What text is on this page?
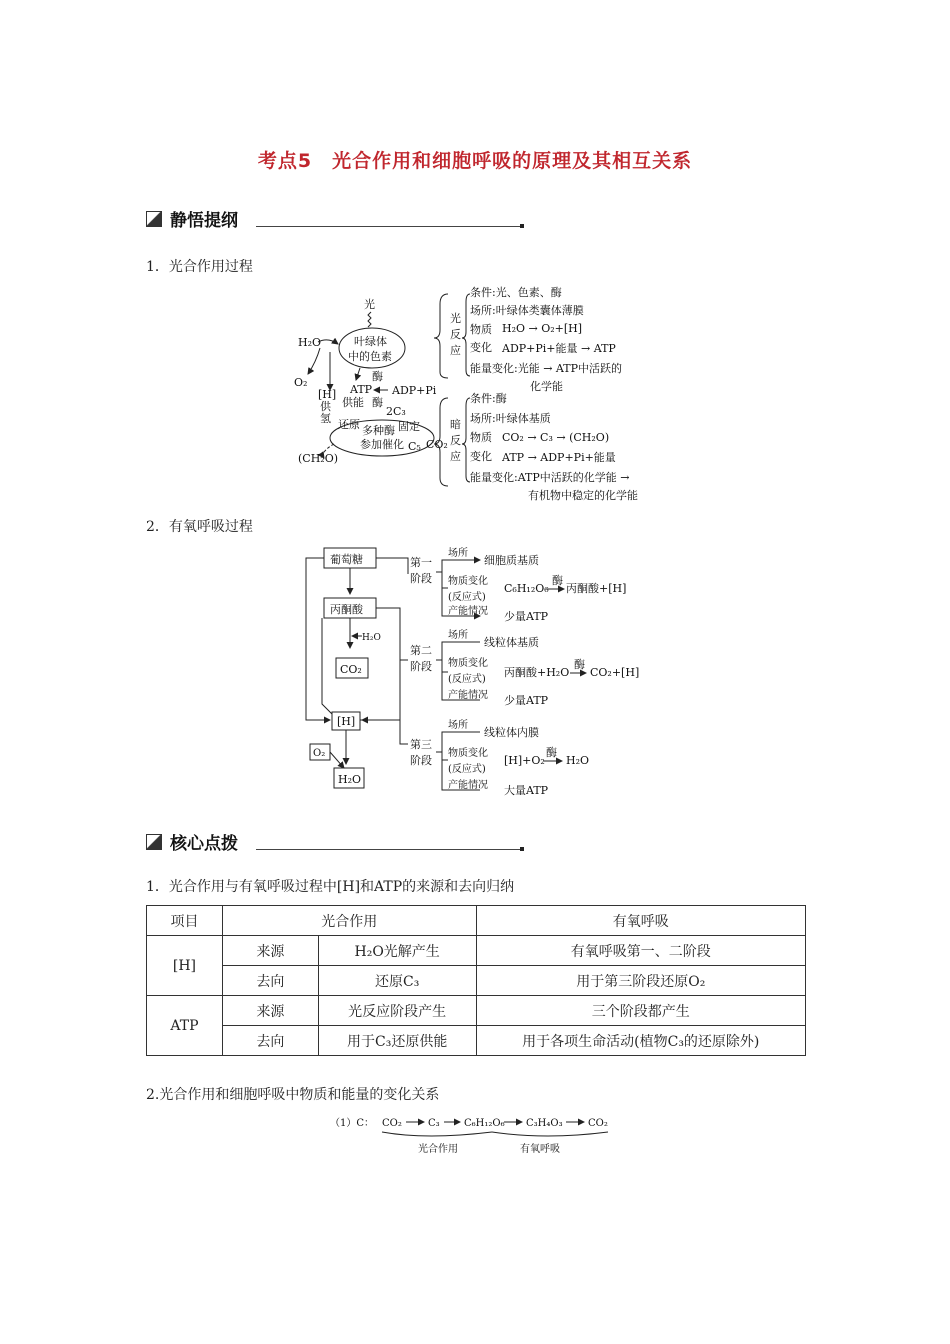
考点5　光合作用和细胞呼吸的原理及其相互关系
静悟提纲
1．光合作用过程
光
叶绿体
中的色素
H₂O
O₂
[H]
供
氢
ATP
酶
ADP+Pi
酶
供能
2C₃
还原 多种酶 固定
参加催化 C₅ CO₂
(CH₂O)
光
反
应
条件:光、色素、酶
场所:叶绿体类囊体薄膜
物质
变化
H₂O → O₂+[H]
ADP+Pi+能量 → ATP
能量变化:光能 → ATP中活跃的
化学能
暗
反
应
条件:酶
场所:叶绿体基质
物质
变化
CO₂ → C₃ → (CH₂O)
ATP → ADP+Pi+能量
能量变化:ATP中活跃的化学能 →
有机物中稳定的化学能
2．有氧呼吸过程
葡萄糖
丙酮酸
H₂O
CO₂
[H]
O₂
H₂O
第一
阶段
第二
阶段
第三
阶段
场所
物质变化
(反应式)
产能情况
细胞质基质
C₆H₁₂O₆
酶
丙酮酸+[H]
少量ATP
场所
物质变化
(反应式)
产能情况
线粒体基质
丙酮酸+H₂O
酶
CO₂+[H]
少量ATP
场所
物质变化
(反应式)
产能情况
线粒体内膜
[H]+O₂
酶
H₂O
大量ATP
核心点拨
1．光合作用与有氧呼吸过程中[H]和ATP的来源和去向归纳
项目	光合作用		有氧呼吸
[H]	来源	H₂O光解产生	有氧呼吸第一、二阶段
	去向	还原C₃	用于第三阶段还原O₂
ATP	来源	光反应阶段产生	三个阶段都产生
	去向	用于C₃还原供能	用于各项生命活动(植物C₃的还原除外)
2.光合作用和细胞呼吸中物质和能量的变化关系
（1）C： CO₂	C₃ C₆H₁₂O₆ C₃H₄O₃	CO₂
光合作用	有氧呼吸
